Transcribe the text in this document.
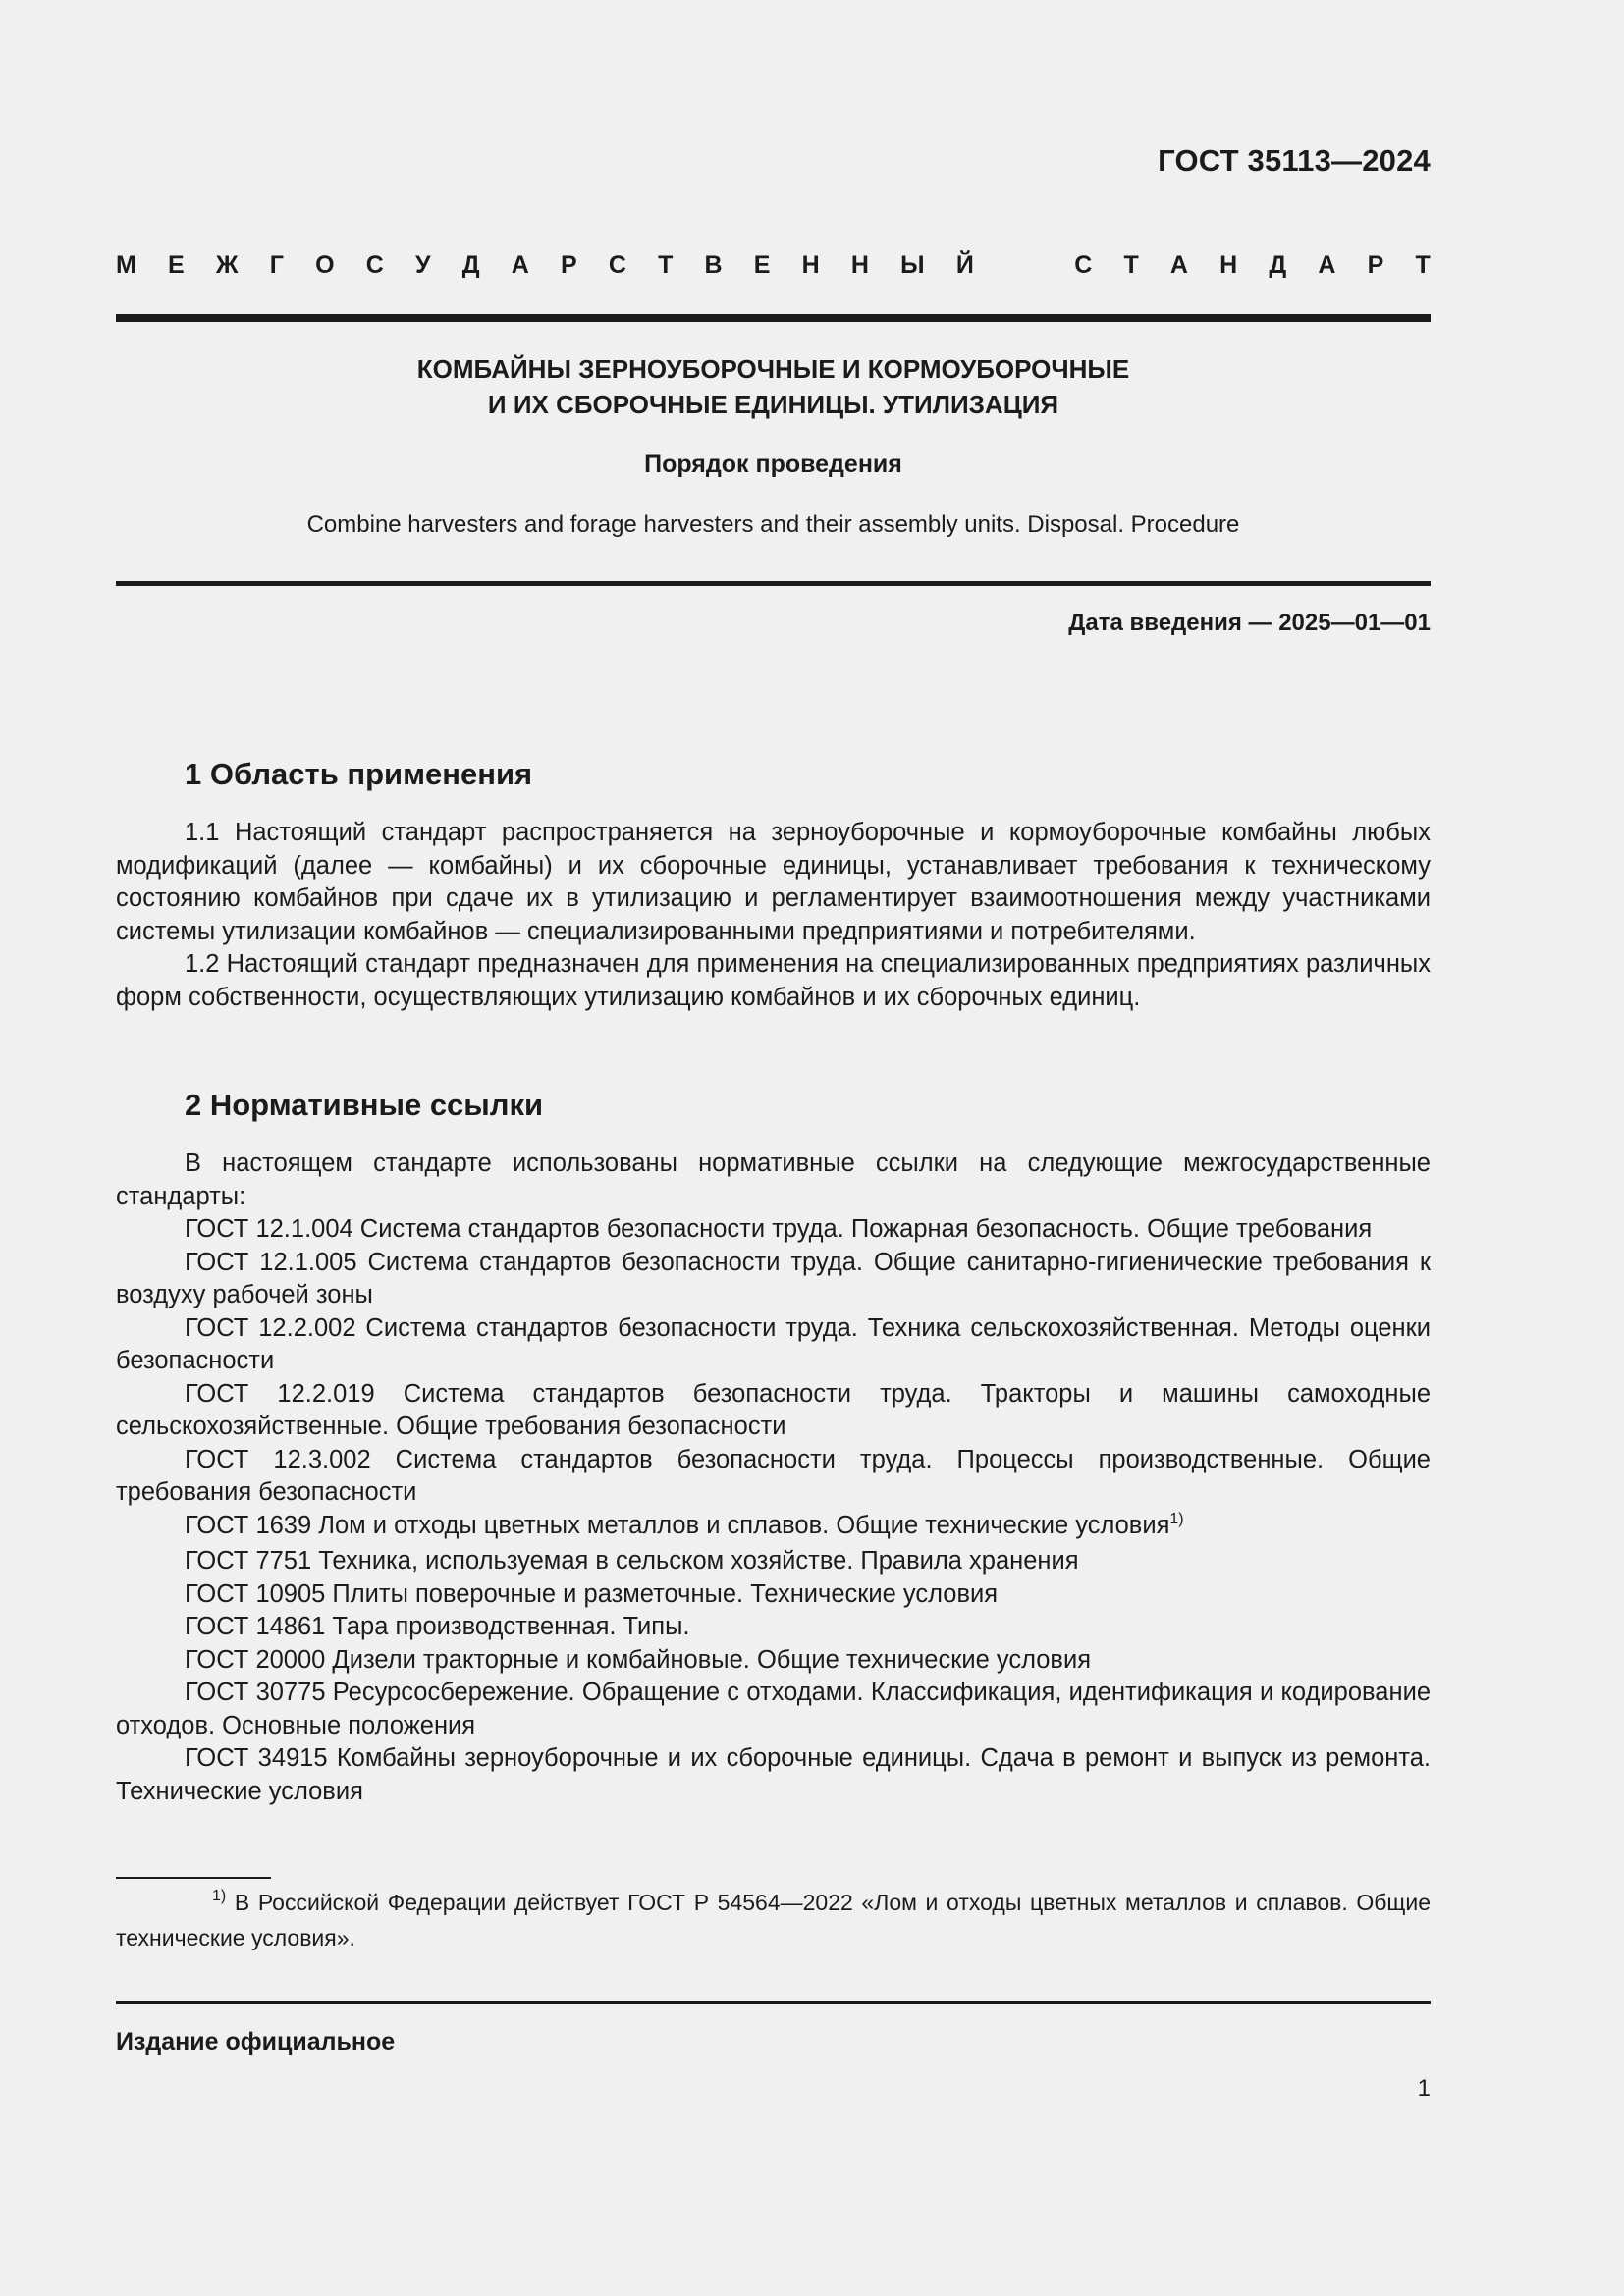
ГОСТ 35113—2024
М Е Ж Г О С У Д А Р С Т В Е Н Н Ы Й	С Т А Н Д А Р Т
КОМБАЙНЫ ЗЕРНОУБОРОЧНЫЕ И КОРМОУБОРОЧНЫЕ
И ИХ СБОРОЧНЫЕ ЕДИНИЦЫ. УТИЛИЗАЦИЯ
Порядок проведения
Combine harvesters and forage harvesters and their assembly units. Disposal. Procedure
Дата введения — 2025—01—01
1 Область применения

1.1 Настоящий стандарт распространяется на зерноуборочные и кормоуборочные комбайны любых модификаций (далее — комбайны) и их сборочные единицы, устанавливает требования к техническому состоянию комбайнов при сдаче их в утилизацию и регламентирует взаимоотношения между участниками системы утилизации комбайнов — специализированными предприятиями и потребителями.

1.2 Настоящий стандарт предназначен для применения на специализированных предприятиях различных форм собственности, осуществляющих утилизацию комбайнов и их сборочных единиц.

2 Нормативные ссылки

В настоящем стандарте использованы нормативные ссылки на следующие межгосударственные стандарты:

ГОСТ 12.1.004 Система стандартов безопасности труда. Пожарная безопасность. Общие требования

ГОСТ 12.1.005 Система стандартов безопасности труда. Общие санитарно-гигиенические требования к воздуху рабочей зоны

ГОСТ 12.2.002 Система стандартов безопасности труда. Техника сельскохозяйственная. Методы оценки безопасности

ГОСТ 12.2.019 Система стандартов безопасности труда. Тракторы и машины самоходные сельскохозяйственные. Общие требования безопасности

ГОСТ 12.3.002 Система стандартов безопасности труда. Процессы производственные. Общие требования безопасности

ГОСТ 1639 Лом и отходы цветных металлов и сплавов. Общие технические условия$^{1)}$

ГОСТ 7751 Техника, используемая в сельском хозяйстве. Правила хранения

ГОСТ 10905 Плиты поверочные и разметочные. Технические условия

ГОСТ 14861 Тара производственная. Типы.

ГОСТ 20000 Дизели тракторные и комбайновые. Общие технические условия

ГОСТ 30775 Ресурсосбережение. Обращение с отходами. Классификация, идентификация и кодирование отходов. Основные положения

ГОСТ 34915 Комбайны зерноуборочные и их сборочные единицы. Сдача в ремонт и выпуск из ремонта. Технические условия

$^{1)}$ В Российской Федерации действует ГОСТ Р 54564—2022 «Лом и отходы цветных металлов и сплавов. Общие технические условия».

Издание официальное
1
